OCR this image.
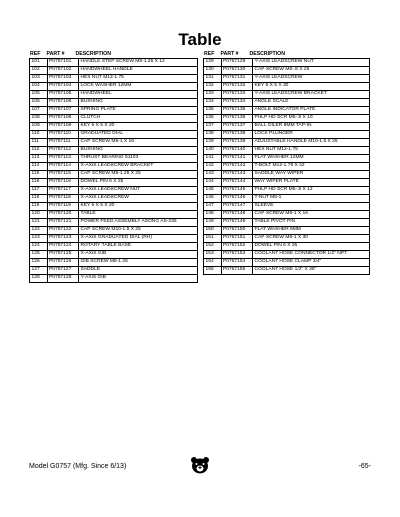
Table
REF	PART #	DESCRIPTION
101	P0757101	HANDLE STEP SCREW M8-1.25 X 12
102	P0757102	HANDWHEEL HANDLE
103	P0757103	HEX NUT M12-1.75
104	P0757104	LOCK WASHER 12MM
105	P0757105	HANDWHEEL
106	P0757106	BUSHING
107	P0757107	SPRING PLATE
108	P0757108	CLUTCH
109	P0757109	KEY 5 X 5 X 20
110	P0757110	GRADUATED DIAL
111	P0757111	CAP SCREW M6-1 X 16
112	P0757112	BUSHING
113	P0757113	THRUST BEARING 51103
114	P0757114	X-AXIS LEADSCREW BRACKET
115	P0757115	CAP SCREW M8-1.25 X 25
116	P0757116	DOWEL PIN 6 X 25
117	P0757117	X-AXIS LEADSCREW NUT
118	P0757118	X-AXIS LEADSCREW
119	P0757119	KEY 5 X 5 X 20
120	P0757120	TABLE
121	P0757121	POWER FEED ASSEMBLY ASONG AS-235
122	P0757122	CAP SCREW M10-1.5 X 25
123	P0757123	X-AXIS GRADUATED DIAL (RH)
124	P0757124	ROTARY TABLE BASE
125	P0757125	X-AXIS GIB
126	P0757126	GIB SCREW M8-1.25
127	P0757127	SADDLE
128	P0757128	Y-AXIS GIB
REF	PART #	DESCRIPTION
129	P0757129	Y-AXIS LEADSCREW NUT
130	P0757130	CAP SCREW M5-.8 X 25
131	P0757131	Y-AXIS LEADSCREW
132	P0757132	KEY 5 X 5 X 30
133	P0757133	Y-AXIS LEADSCREW BRACKET
134	P0757134	ANGLE SCALE
135	P0757135	ANGLE INDICATOR PLATE
136	P0757136	PHLP HD SCR M5-.8 X 10
137	P0757137	BALL OILER 8MM TAP-IN
138	P0757138	LOCK PLUNGER
139	P0757139	ADJUSTABLE HANDLE M10-1.5 X 25
140	P0757140	HEX NUT M12-1.75
141	P0757141	FLAT WASHER 12MM
142	P0757142	T-BOLT M12-1.75 X 42
143	P0757143	SADDLE WAY WIPER
144	P0757144	WAY WIPER PLATE
145	P0757145	PHLP HD SCR M5-.8 X 12
146	P0757146	T-NUT M6-1
147	P0757147	SLEEVE
148	P0757148	CAP SCREW M6-1 X 16
149	P0757149	TABLE PIVOT PIN
150	P0757150	FLAT WASHER 6MM
151	P0757151	CAP SCREW M6-1 X 30
152	P0757152	DOWEL PIN 6 X 25
153	P0757153	COOLANT HOSE CONNECTOR 1/2" NPT
154	P0757154	COOLANT HOSE CLAMP 3/4"
155	P0757155	COOLANT HOSE 1/2" X 36"
Model G0757 (Mfg. Since 6/13)	-65-
